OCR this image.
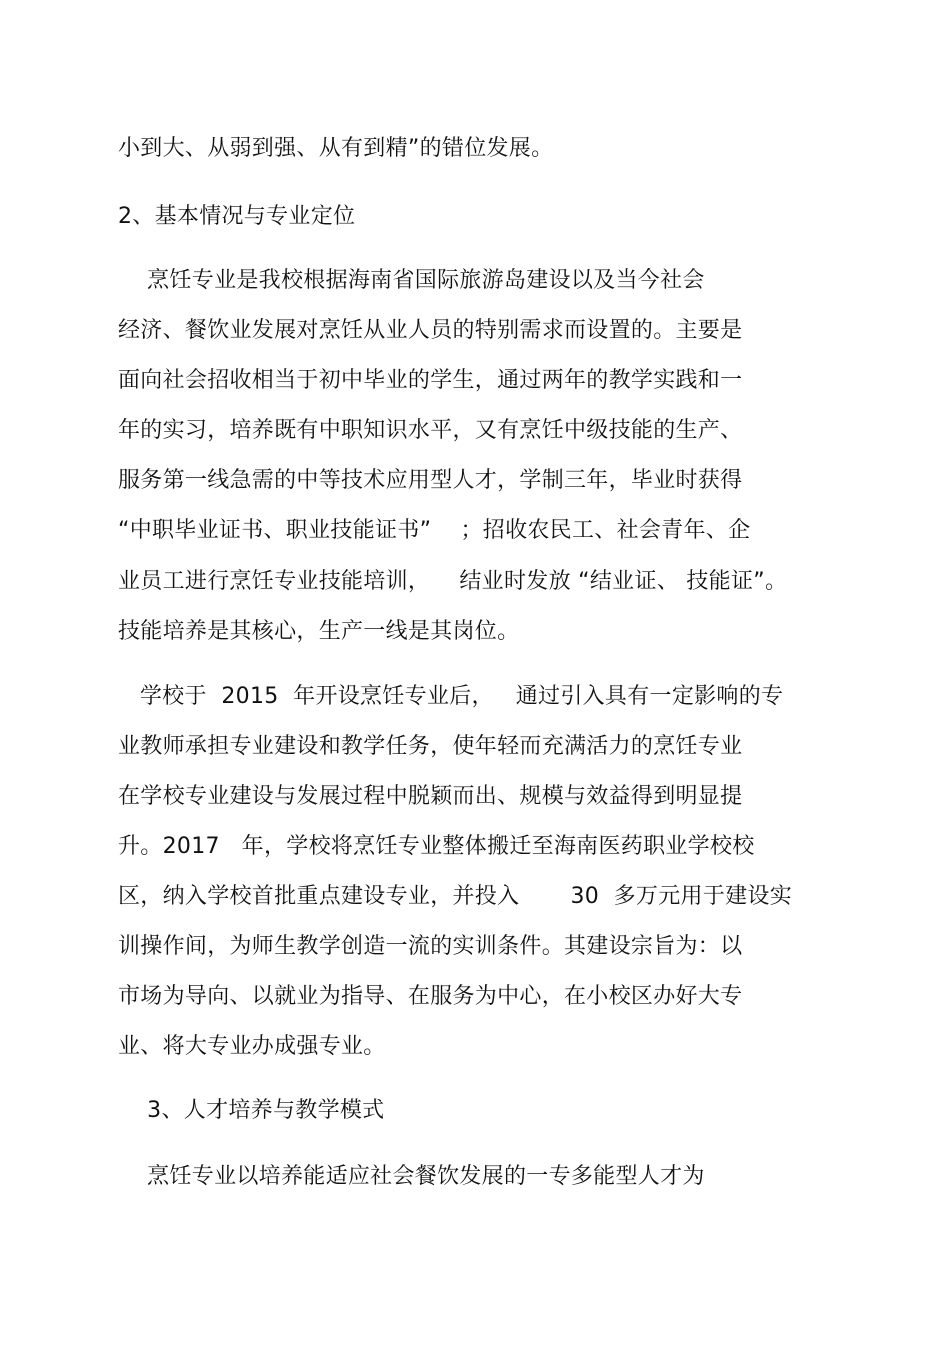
小到大、从弱到强、从有到精”的错位发展。
2、基本情况与专业定位
烹饪专业是我校根据海南省国际旅游岛建设以及当今社会
经济、餐饮业发展对烹饪从业人员的特别需求而设置的。主要是
面向社会招收相当于初中毕业的学生，通过两年的教学实践和一
年的实习，培养既有中职知识水平，又有烹饪中级技能的生产、
服务第一线急需的中等技术应用型人才，学制三年，毕业时获得
“中职毕业证书、职业技能证书”    ；招收农民工、社会青年、企
业员工进行烹饪专业技能培训，    结业时发放 “结业证、 技能证”。
技能培养是其核心，生产一线是其岗位。
学校于  2015  年开设烹饪专业后，   通过引入具有一定影响的专
业教师承担专业建设和教学任务，使年轻而充满活力的烹饪专业
在学校专业建设与发展过程中脱颖而出、规模与效益得到明显提
升。2017   年，学校将烹饪专业整体搬迁至海南医药职业学校校
区，纳入学校首批重点建设专业，并投入       30  多万元用于建设实
训操作间，为师生教学创造一流的实训条件。其建设宗旨为：以
市场为导向、以就业为指导、在服务为中心，在小校区办好大专
业、将大专业办成强专业。
3、人才培养与教学模式
烹饪专业以培养能适应社会餐饮发展的一专多能型人才为
